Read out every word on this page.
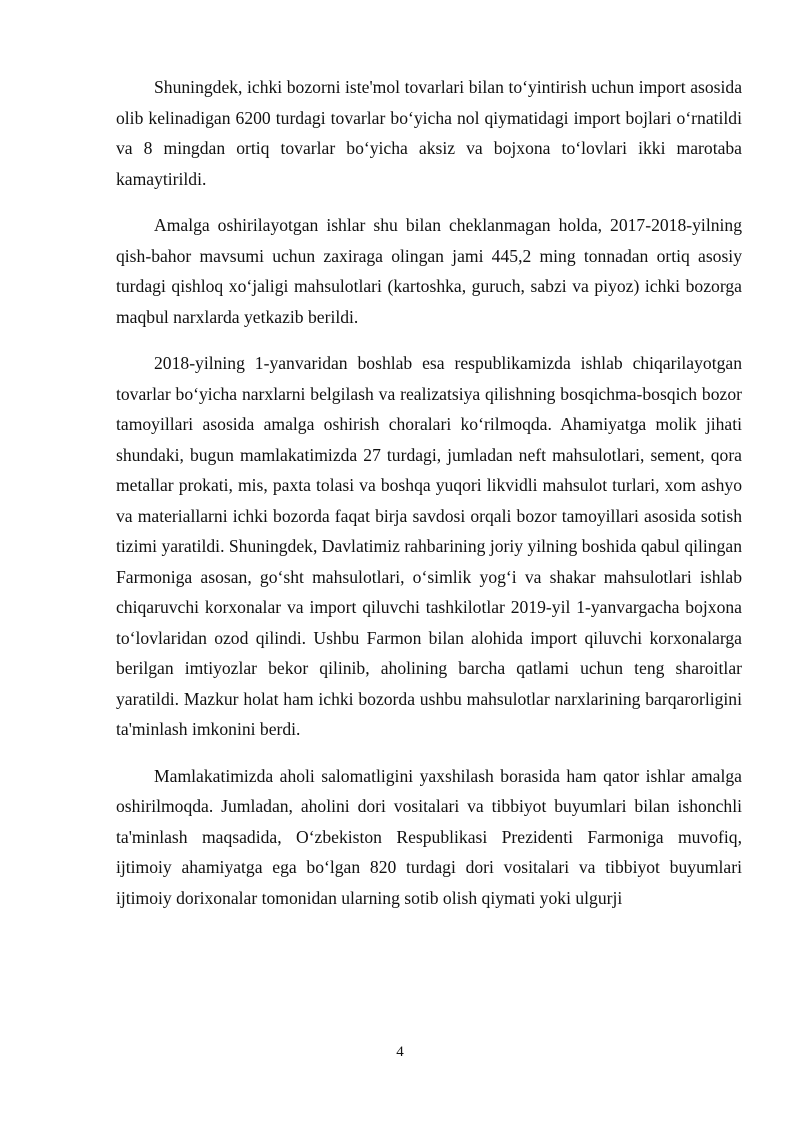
Shuningdek, ichki bozorni iste'mol tovarlari bilan to‘yintirish uchun import asosida olib kelinadigan 6200 turdagi tovarlar bo‘yicha nol qiymatidagi import bojlari o‘rnatildi va 8 mingdan ortiq tovarlar bo‘yicha aksiz va bojxona to‘lovlari ikki marotaba kamaytirildi.

Amalga oshirilayotgan ishlar shu bilan cheklanmagan holda, 2017-2018-yilning qish-bahor mavsumi uchun zaxiraga olingan jami 445,2 ming tonnadan ortiq asosiy turdagi qishloq xo‘jaligi mahsulotlari (kartoshka, guruch, sabzi va piyoz) ichki bozorga maqbul narxlarda yetkazib berildi.

2018-yilning 1-yanvaridan boshlab esa respublikamizda ishlab chiqarilayotgan tovarlar bo‘yicha narxlarni belgilash va realizatsiya qilishning bosqichma-bosqich bozor tamoyillari asosida amalga oshirish choralari ko‘rilmoqda. Ahamiyatga molik jihati shundaki, bugun mamlakatimizda 27 turdagi, jumladan neft mahsulotlari, sement, qora metallar prokati, mis, paxta tolasi va boshqa yuqori likvidli mahsulot turlari, xom ashyo va materiallarni ichki bozorda faqat birja savdosi orqali bozor tamoyillari asosida sotish tizimi yaratildi. Shuningdek, Davlatimiz rahbarining joriy yilning boshida qabul qilingan Farmoniga asosan, go‘sht mahsulotlari, o‘simlik yog‘i va shakar mahsulotlari ishlab chiqaruvchi korxonalar va import qiluvchi tashkilotlar 2019-yil 1-yanvargacha bojxona to‘lovlaridan ozod qilindi. Ushbu Farmon bilan alohida import qiluvchi korxonalarga berilgan imtiyozlar bekor qilinib, aholining barcha qatlami uchun teng sharoitlar yaratildi. Mazkur holat ham ichki bozorda ushbu mahsulotlar narxlarining barqarorligini ta'minlash imkonini berdi.

Mamlakatimizda aholi salomatligini yaxshilash borasida ham qator ishlar amalga oshirilmoqda. Jumladan, aholini dori vositalari va tibbiyot buyumlari bilan ishonchli ta'minlash maqsadida, O‘zbekiston Respublikasi Prezidenti Farmoniga muvofiq, ijtimoiy ahamiyatga ega bo‘lgan 820 turdagi dori vositalari va tibbiyot buyumlari ijtimoiy dorixonalar tomonidan ularning sotib olish qiymati yoki ulgurji

4
